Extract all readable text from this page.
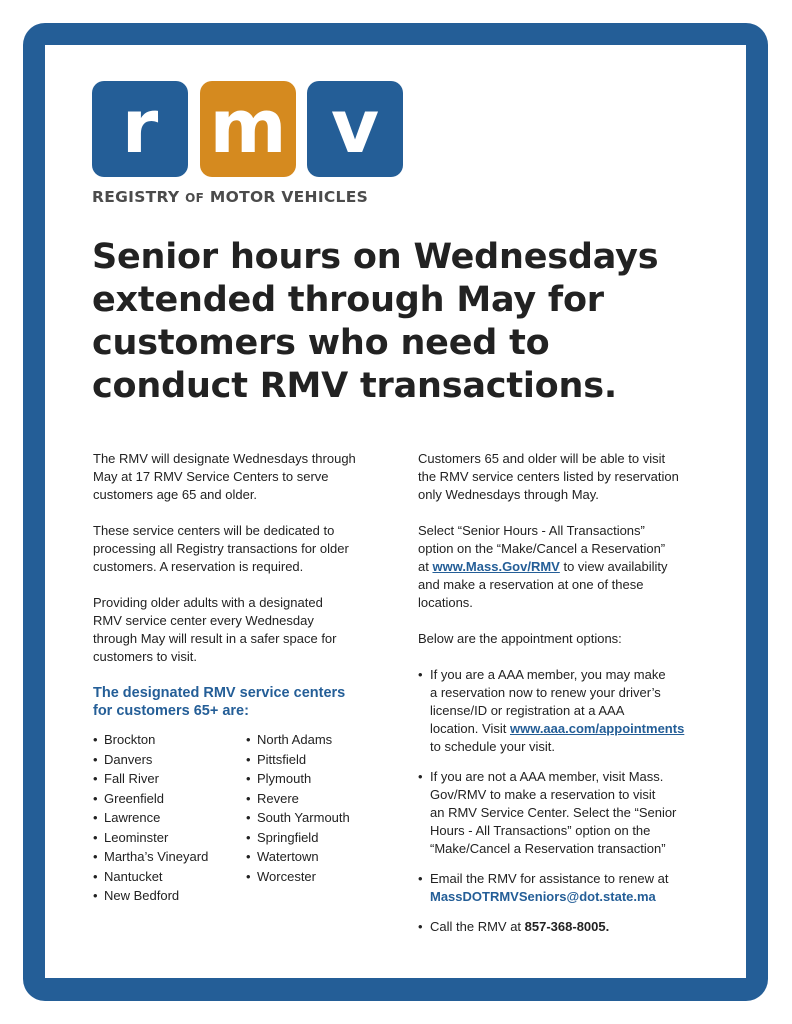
r m v
REGISTRY OF MOTOR VEHICLES
Senior hours on Wednesdays
extended through May for
customers who need to
conduct RMV transactions.

The RMV will designate Wednesdays through
May at 17 RMV Service Centers to serve
customers age 65 and older.

These service centers will be dedicated to
processing all Registry transactions for older
customers. A reservation is required.

Providing older adults with a designated
RMV service center every Wednesday
through May will result in a safer space for
customers to visit.

The designated RMV service centers
for customers 65+ are:
• Brockton
• Danvers
• Fall River
• Greenfield
• Lawrence
• Leominster
• Martha’s Vineyard
• Nantucket
• New Bedford
• North Adams
• Pittsfield
• Plymouth
• Revere
• South Yarmouth
• Springfield
• Watertown
• Worcester

Customers 65 and older will be able to visit
the RMV service centers listed by reservation
only Wednesdays through May.

Select “Senior Hours - All Transactions”
option on the “Make/Cancel a Reservation”
at www.Mass.Gov/RMV to view availability
and make a reservation at one of these
locations.

Below are the appointment options:

• If you are a AAA member, you may make
a reservation now to renew your driver’s
license/ID or registration at a AAA
location. Visit www.aaa.com/appointments
to schedule your visit.
• If you are not a AAA member, visit Mass.
Gov/RMV to make a reservation to visit
an RMV Service Center. Select the “Senior
Hours - All Transactions” option on the
“Make/Cancel a Reservation transaction”
• Email the RMV for assistance to renew at
MassDOTRMVSeniors@dot.state.ma
• Call the RMV at 857-368-8005.
